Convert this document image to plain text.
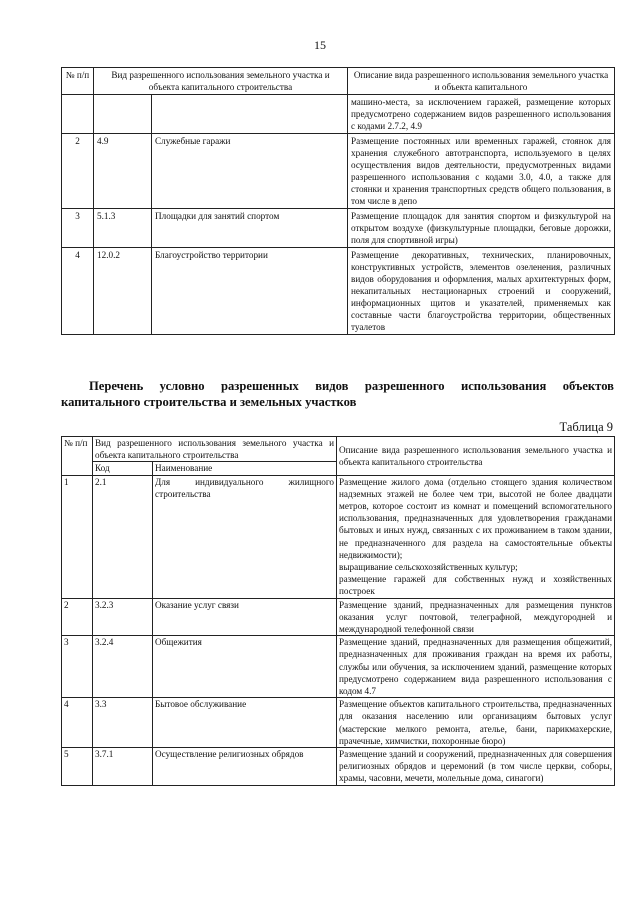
15
№ п/п	Вид разрешенного использования земельного участка и объекта капитального строительства		Описание вида разрешенного использования земельного участка и объекта капитального
			машино-места, за исключением гаражей, размещение которых предусмотрено содержанием видов разрешенного использования с кодами 2.7.2, 4.9
2	4.9	Служебные гаражи	Размещение постоянных или временных гаражей, стоянок для хранения служебного автотранспорта, используемого в целях осуществления видов деятельности, предусмотренных видами разрешенного использования с кодами 3.0, 4.0, а также для стоянки и хранения транспортных средств общего пользования, в том числе в депо
3	5.1.3	Площадки для занятий спортом	Размещение площадок для занятия спортом и физкультурой на открытом воздухе (физкультурные площадки, беговые дорожки, поля для спортивной игры)
4	12.0.2	Благоустройство территории	Размещение декоративных, технических, планировочных, конструктивных устройств, элементов озеленения, различных видов оборудования и оформления, малых архитектурных форм, некапитальных нестационарных строений и сооружений, информационных щитов и указателей, применяемых как составные части благоустройства территории, общественных туалетов
Перечень условно разрешенных видов разрешенного использования объектов
капитального строительства и земельных участков
Таблица 9
№ п/п	Вид разрешенного использования земельного участка и объекта капитального строительства		Описание вида разрешенного использования земельного участка и объекта капитального строительства
	Код	Наименование	
1	2.1	Для индивидуального жилищного строительства	Размещение жилого дома (отдельно стоящего здания количеством надземных этажей не более чем три, высотой не более двадцати метров, которое состоит из комнат и помещений вспомогательного использования, предназначенных для удовлетворения гражданами бытовых и иных нужд, связанных с их проживанием в таком здании, не предназначенного для раздела на самостоятельные объекты недвижимости);
выращивание сельскохозяйственных культур;
размещение гаражей для собственных нужд и хозяйственных построек

2	3.2.3	Оказание услуг связи	Размещение зданий, предназначенных для размещения пунктов оказания услуг почтовой, телеграфной, междугородней и международной телефонной связи
3	3.2.4	Общежития	Размещение зданий, предназначенных для размещения общежитий, предназначенных для проживания граждан на время их работы, службы или обучения, за исключением зданий, размещение которых предусмотрено содержанием вида разрешенного использования с кодом 4.7
4	3.3	Бытовое обслуживание	Размещение объектов капитального строительства, предназначенных для оказания населению или организациям бытовых услуг (мастерские мелкого ремонта, ателье, бани, парикмахерские, прачечные, химчистки, похоронные бюро)
5	3.7.1	Осуществление религиозных обрядов	Размещение зданий и сооружений, предназначенных для совершения религиозных обрядов и церемоний (в том числе церкви, соборы, храмы, часовни, мечети, молельные дома, синагоги)
